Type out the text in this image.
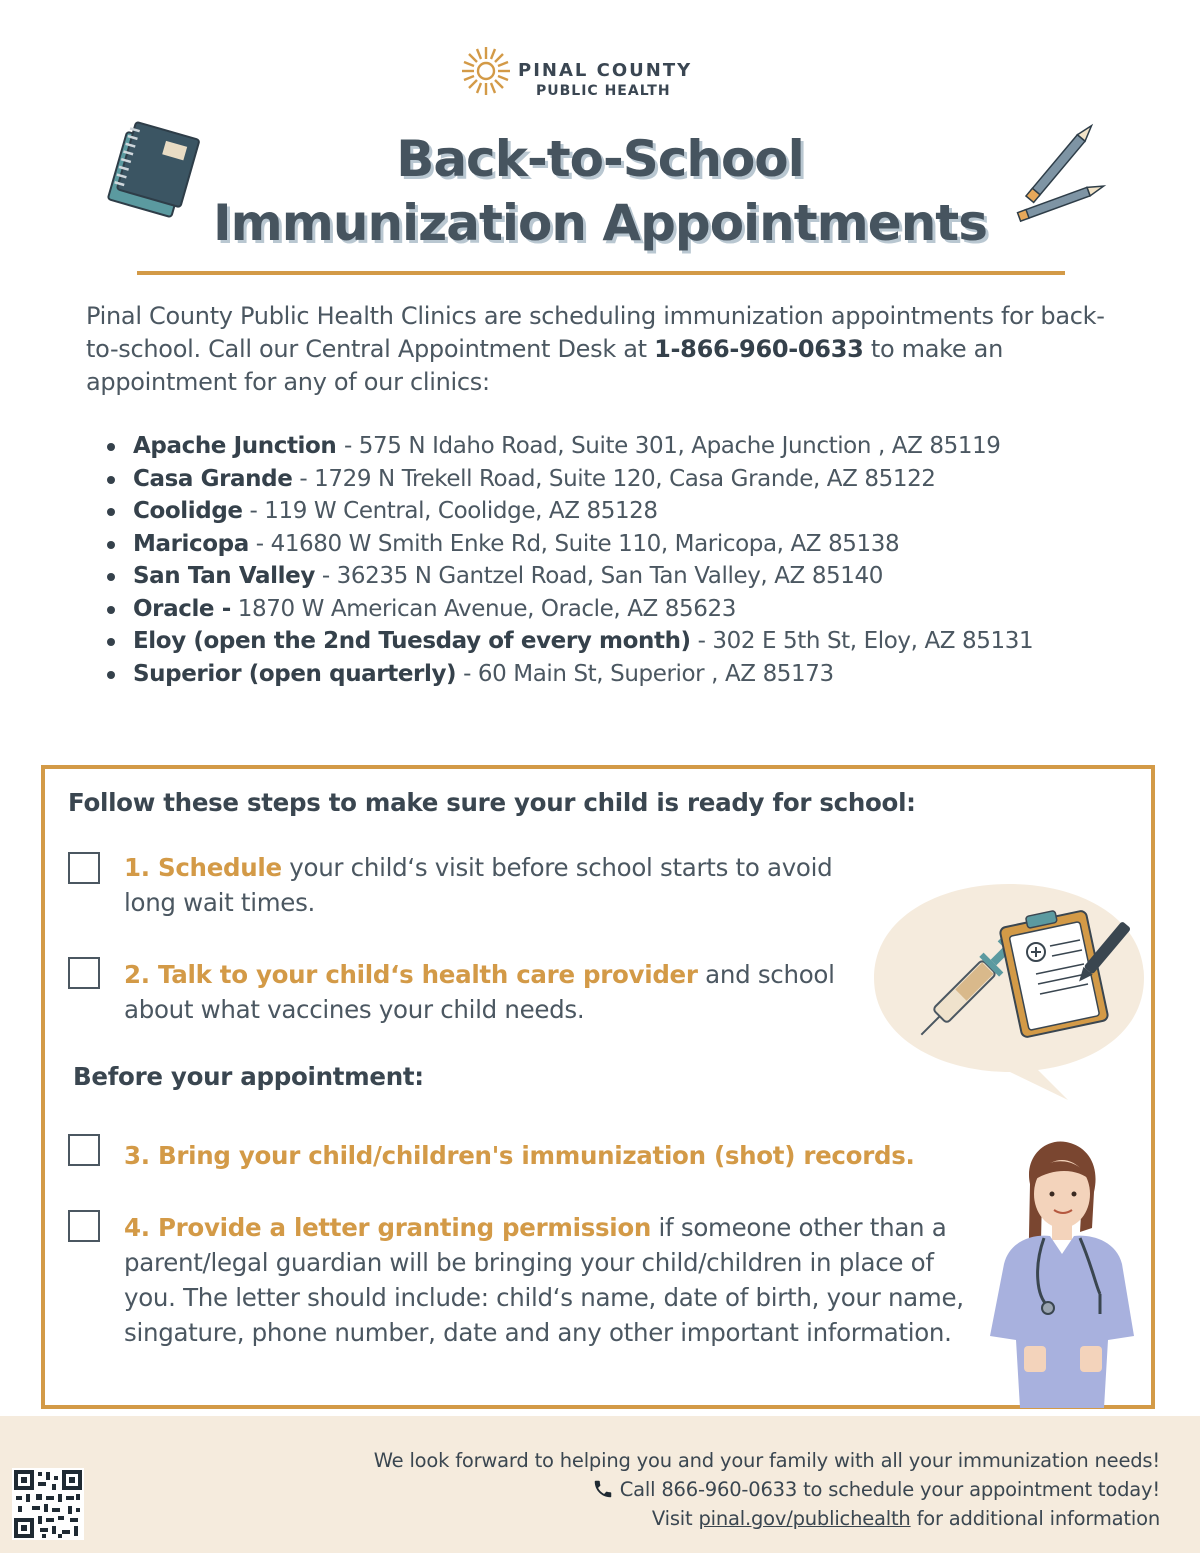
PINAL COUNTY
PUBLIC HEALTH
Back-to-School
Immunization Appointments
Pinal County Public Health Clinics are scheduling immunization appointments for back-to-school. Call our Central Appointment Desk at 1-866-960-0633 to make an appointment for any of our clinics:
Apache Junction - 575 N Idaho Road, Suite 301, Apache Junction , AZ 85119
Casa Grande - 1729 N Trekell Road, Suite 120, Casa Grande, AZ 85122
Coolidge - 119 W Central, Coolidge, AZ 85128
Maricopa - 41680 W Smith Enke Rd, Suite 110, Maricopa, AZ 85138
San Tan Valley - 36235 N Gantzel Road, San Tan Valley, AZ 85140
Oracle - 1870 W American Avenue, Oracle, AZ 85623
Eloy (open the 2nd Tuesday of every month) - 302 E 5th St, Eloy, AZ 85131
Superior (open quarterly) - 60 Main St, Superior , AZ 85173
Follow these steps to make sure your child is ready for school:
1. Schedule your child‘s visit before school starts to avoid long wait times.
2. Talk to your child‘s health care provider and school about what vaccines your child needs.
Before your appointment:
3. Bring your child/children's immunization (shot) records.
4. Provide a letter granting permission if someone other than a parent/legal guardian will be bringing your child/children in place of you. The letter should include: child‘s name, date of birth, your name, singature, phone number, date and any other important information.
We look forward to helping you and your family with all your immunization needs!
Call 866-960-0633 to schedule your appointment today!
Visit pinal.gov/publichealth for additional information
